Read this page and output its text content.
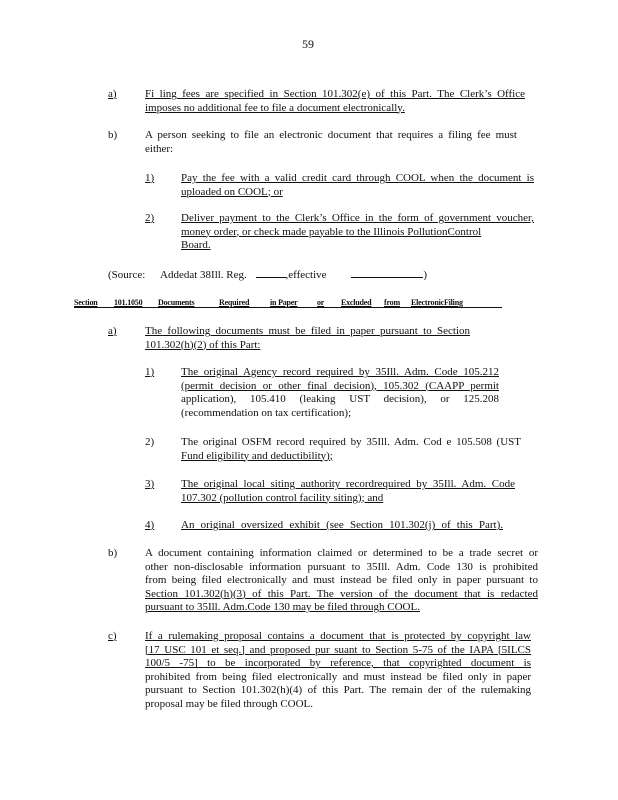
59
a)	Fi ling fees are specified in Section 101.302(e) of this Part. The Clerk’s Office
imposes no additional fee to file a document electronically.
b)	A person seeking to file an electronic document that requires a filing fee must
either:
1) Pay the fee with a valid credit card through COOL when the document is
uploaded on COOL; or
2) Deliver payment to the Clerk’s Office in the form of government voucher,
money order, or check made payable to the Illinois PollutionControl
Board.
(Source: Addedat 38Ill. Reg.	,effective	)
Section 101.1050 Documents	Required	in Paper or Excluded from ElectronicFiling
a)	The following documents must be filed in paper pursuant to Section
101.302(h)(2) of this Part:
1) The original Agency record required by 35Ill. Adm. Code 105.212
(permit decision or other final decision), 105.302 (CAAPP permit
application), 105.410 (leaking UST decision), or 125.208
(recommendation on tax certification);
2) The original OSFM record required by 35Ill. Adm. Cod e 105.508 (UST
Fund eligibility and deductibility);
3) The original local siting authority recordrequired by 35Ill. Adm. Code
107.302 (pollution control facility siting); and
4) An original oversized exhibit (see Section 101.302(j) of this Part).
b)	A document containing information claimed or determined to be a trade secret or
other non-disclosable information pursuant to 35Ill. Adm. Code 130 is prohibited
from being filed electronically and must instead be filed only in paper pursuant to
Section 101.302(h)(3) of this Part. The version of the document that is redacted
pursuant to 35Ill. Adm.Code 130 may be filed through COOL.
c)	If a rulemaking proposal contains a document that is protected by copyright law
[17 USC 101 et seq.] and proposed pur suant to Section 5-75 of the IAPA [5ILCS
100/5 -75] to be incorporated by reference, that copyrighted document is
prohibited from being filed electronically and must instead be filed only in paper
pursuant to Section 101.302(h)(4) of this Part. The remain der of the rulemaking
proposal may be filed through COOL.
